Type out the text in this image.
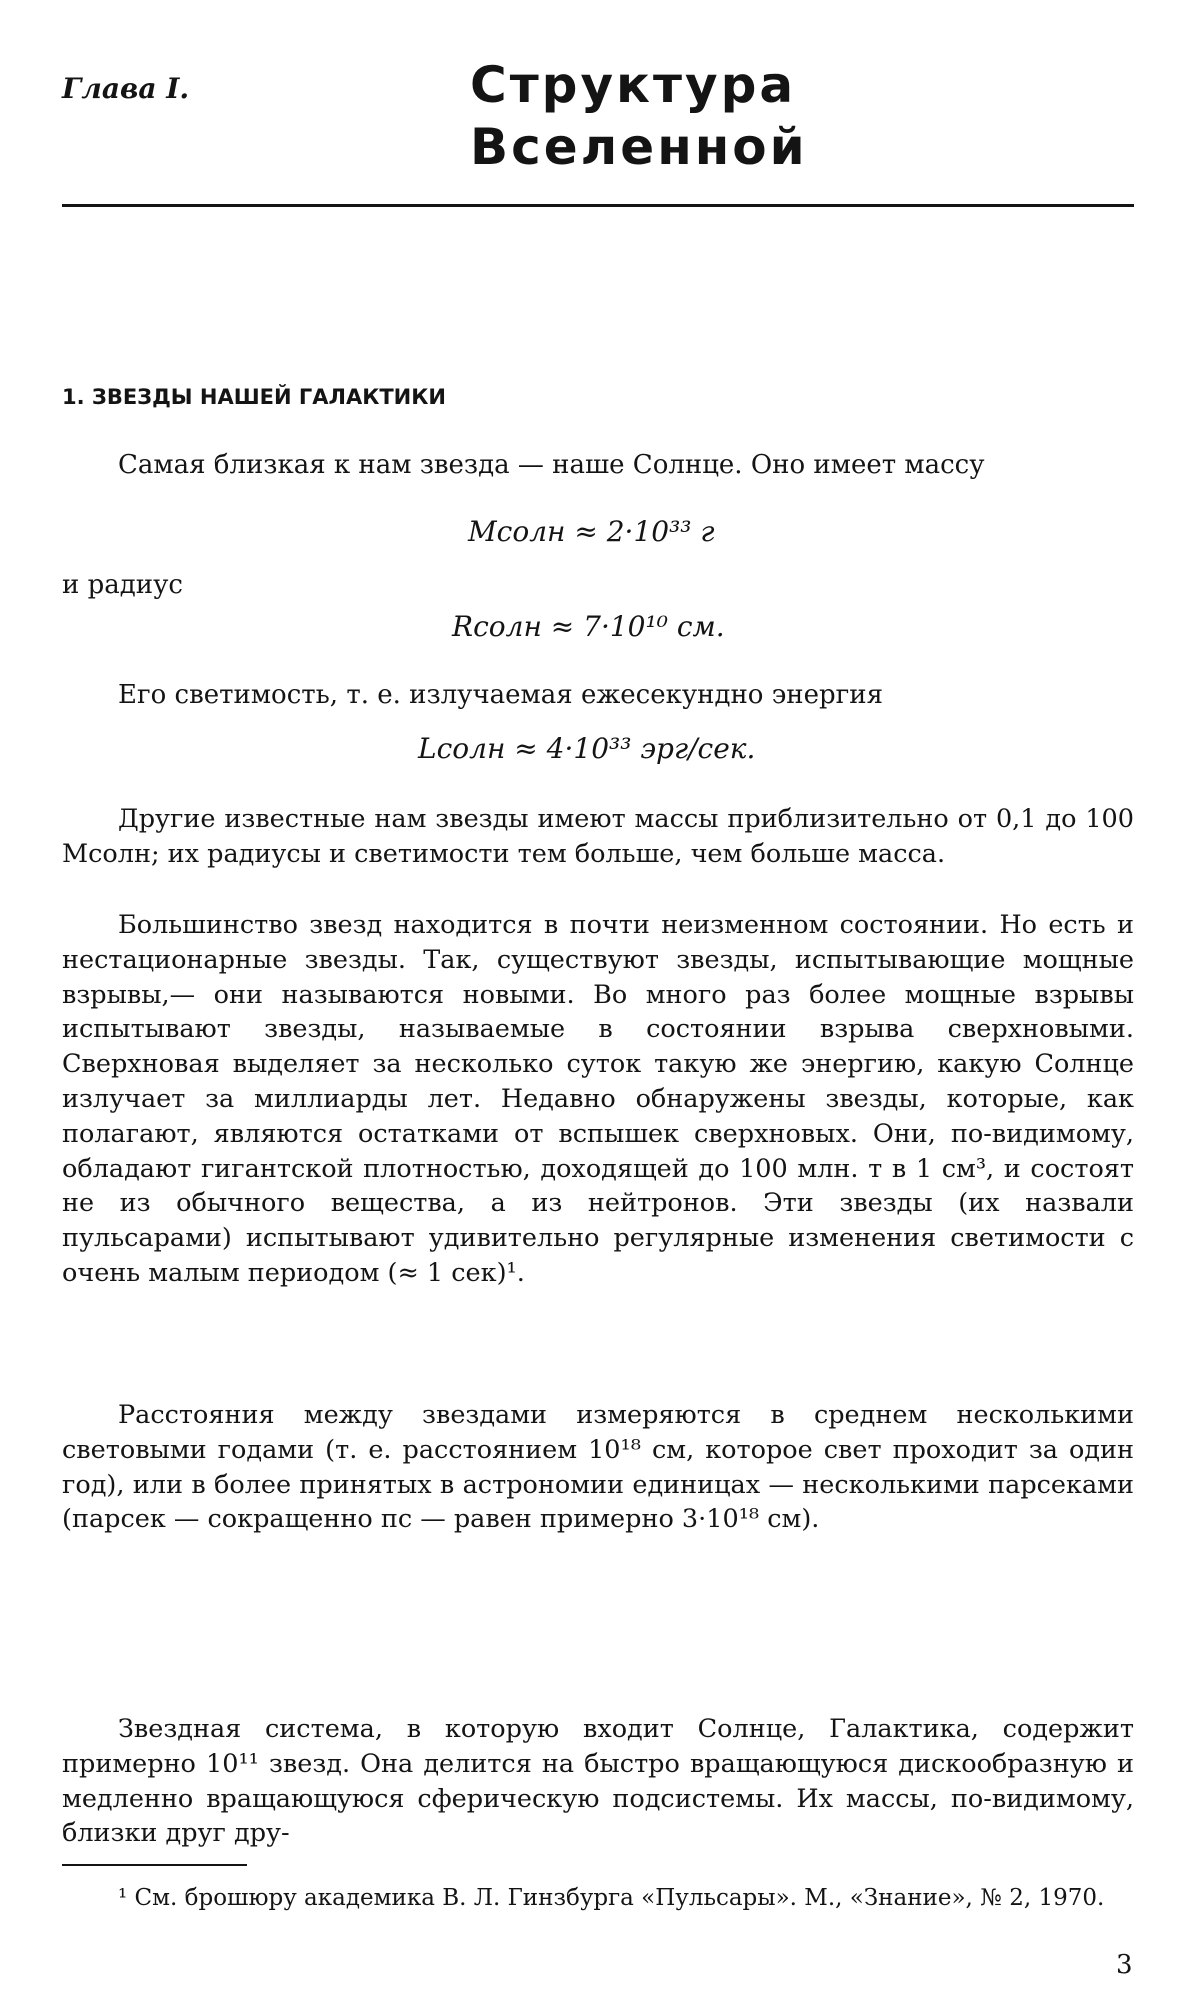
Глава I.	Структура
Вселенной
1. ЗВЕЗДЫ НАШЕЙ ГАЛАКТИКИ
Самая близкая к нам звезда — наше Солнце. Оно имеет массу
Mсолн ≈ 2·10³³ г
и радиус
Rсолн ≈ 7·10¹⁰ см.
Его светимость, т. е. излучаемая ежесекундно энергия
Lсолн ≈ 4·10³³ эрг/сек.

Другие известные нам звезды имеют массы приблизительно от 0,1 до 100 Mсолн; их радиусы и светимости тем больше, чем больше масса.

Большинство звезд находится в почти неизменном состоянии. Но есть и нестационарные звезды. Так, существуют звезды, испытывающие мощные взрывы,— они называются новыми. Во много раз более мощные взрывы испытывают звезды, называемые в состоянии взрыва сверхновыми. Сверхновая выделяет за несколько суток такую же энергию, какую Солнце излучает за миллиарды лет. Недавно обнаружены звезды, которые, как полагают, являются остатками от вспышек сверхновых. Они, по-видимому, обладают гигантской плотностью, доходящей до 100 млн. т в 1 см³, и состоят не из обычного вещества, а из нейтронов. Эти звезды (их назвали пульсарами) испытывают удивительно регулярные изменения светимости с очень малым периодом (≈ 1 сек)¹.

Расстояния между звездами измеряются в среднем несколькими световыми годами (т. е. расстоянием 10¹⁸ см, которое свет проходит за один год), или в более принятых в астрономии единицах — несколькими парсеками (парсек — сокращенно пс — равен примерно 3·10¹⁸ см).

Звездная система, в которую входит Солнце, Галактика, содержит примерно 10¹¹ звезд. Она делится на быстро вращающуюся дискообразную и медленно вращающуюся сферическую подсистемы. Их массы, по-видимому, близки друг дру-

¹ См. брошюру академика В. Л. Гинзбурга «Пульсары». М., «Знание», № 2, 1970.

3
